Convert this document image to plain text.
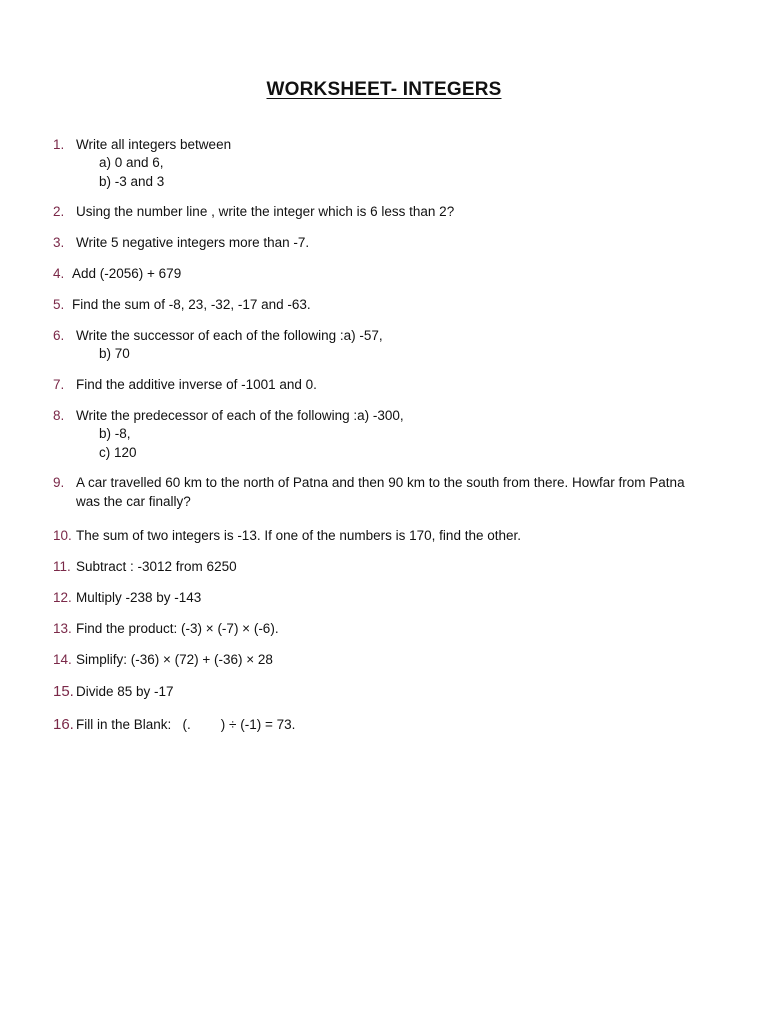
WORKSHEET- INTEGERS
1. Write all integers between
a) 0 and 6,
b) -3 and 3
2. Using the number line , write the integer which is 6 less than 2?
3. Write 5 negative integers more than -7.
4. Add (-2056) + 679
5. Find the sum of -8, 23, -32, -17 and -63.
6. Write the successor of each of the following :a) -57,
b) 70
7. Find the additive inverse of -1001 and 0.
8. Write the predecessor of each of the following :a) -300,
b) -8,
c) 120
9. A car travelled 60 km to the north of Patna and then 90 km to the south from there. Howfar from Patna
was the car finally?
10. The sum of two integers is -13. If one of the numbers is 170, find the other.
11. Subtract : -3012 from 6250
12. Multiply -238 by -143
13. Find the product: (-3) × (-7) × (-6).
14. Simplify: (-36) × (72) + (-36) × 28
15. Divide 85 by -17
16. Fill in the Blank:   (.        ) ÷ (-1) = 73.
